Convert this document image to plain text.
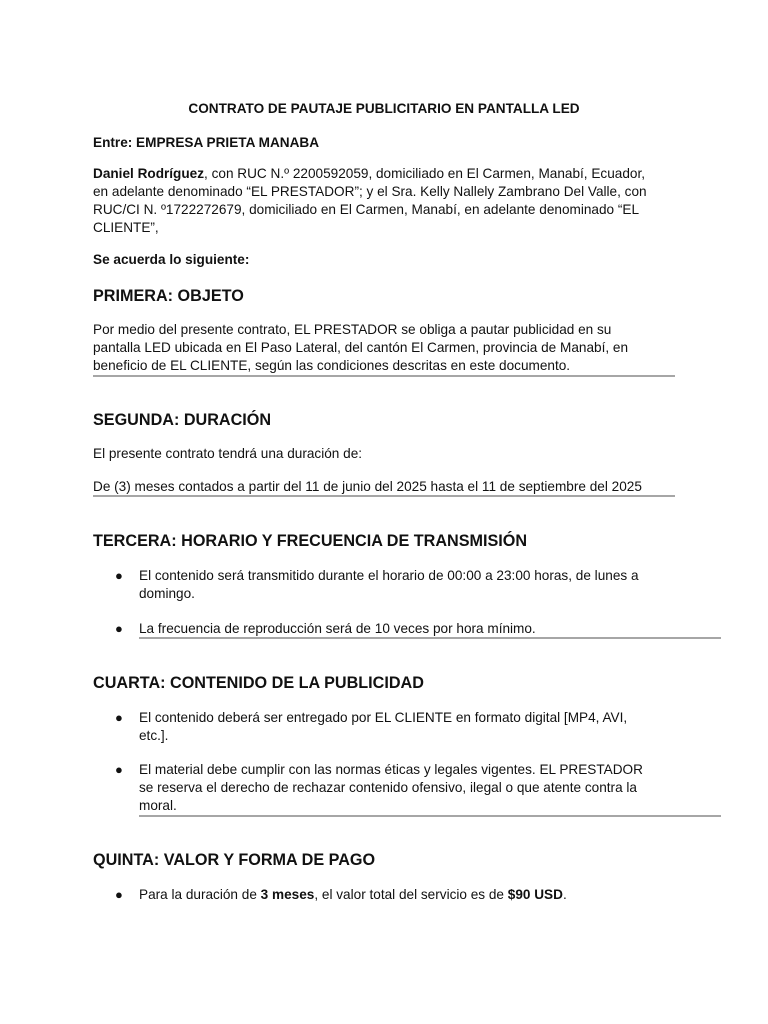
CONTRATO DE PAUTAJE PUBLICITARIO EN PANTALLA LED
Entre: EMPRESA PRIETA MANABA
Daniel Rodríguez, con RUC N.º 2200592059, domiciliado en El Carmen, Manabí, Ecuador,
en adelante denominado “EL PRESTADOR”; y el Sra. Kelly Nallely Zambrano Del Valle, con
RUC/CI N. º1722272679, domiciliado en El Carmen, Manabí, en adelante denominado “EL
CLIENTE”,
Se acuerda lo siguiente:
PRIMERA: OBJETO
Por medio del presente contrato, EL PRESTADOR se obliga a pautar publicidad en su
pantalla LED ubicada en El Paso Lateral, del cantón El Carmen, provincia de Manabí, en
beneficio de EL CLIENTE, según las condiciones descritas en este documento.
SEGUNDA: DURACIÓN
El presente contrato tendrá una duración de:
De (3) meses contados a partir del 11 de junio del 2025 hasta el 11 de septiembre del 2025
TERCERA: HORARIO Y FRECUENCIA DE TRANSMISIÓN
● El contenido será transmitido durante el horario de 00:00 a 23:00 horas, de lunes a
domingo.
● La frecuencia de reproducción será de 10 veces por hora mínimo.
CUARTA: CONTENIDO DE LA PUBLICIDAD
● El contenido deberá ser entregado por EL CLIENTE en formato digital [MP4, AVI,
etc.].
● El material debe cumplir con las normas éticas y legales vigentes. EL PRESTADOR
se reserva el derecho de rechazar contenido ofensivo, ilegal o que atente contra la
moral.
QUINTA: VALOR Y FORMA DE PAGO
● Para la duración de 3 meses, el valor total del servicio es de $90 USD.
